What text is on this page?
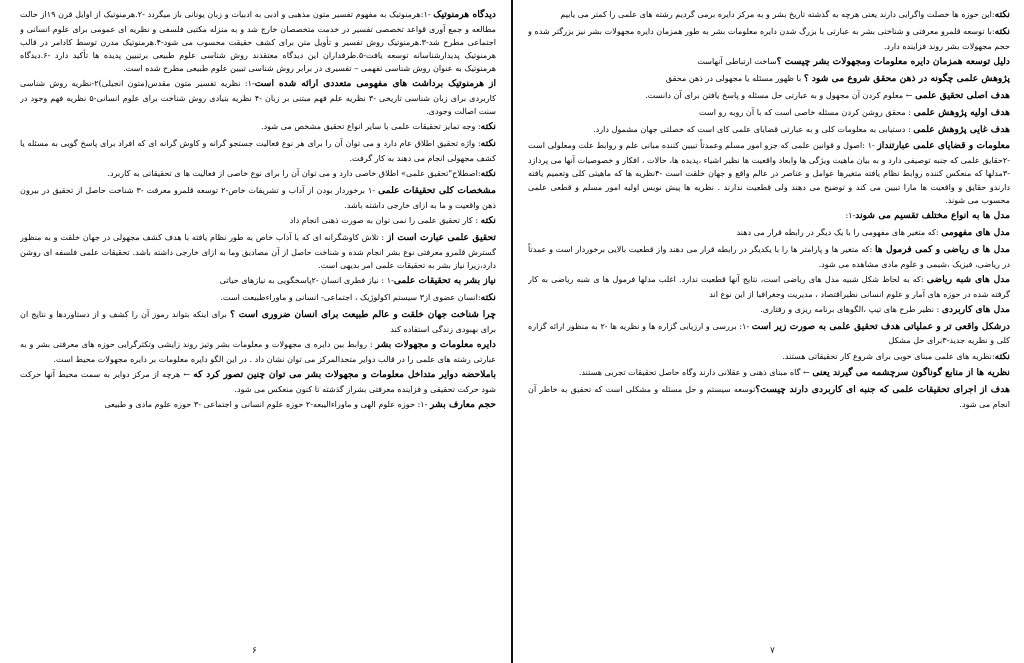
دیدگاه هرمنوتیک -۱:هرمنوتیک به مفهوم تفسیر متون مذهبی و ادبی به ادبیات و زبان یونانی باز میگردد -۲.هرمنوتیک از اوایل قرن ۱۹از حالت مطالعه و جمع آوری قواعد تخصصی تفسیر در خدمت متخصصان خارج شد و به منزله مکتبی فلسفی و نظریه ای عمومی برای علوم انسانی و اجتماعی مطرح شد-۳.هرمنوتیک روش تفسیر و تأویل متن برای کشف حقیقت محسوب می شود-۴.هرمنوتیک مدرن توسط کادامر در قالب هرمنوتیک پدیدارشناسانه توسعه یافت-۵.طرفداران این دیدگاه معتقدند روش شناسی علوم طبیعی برتبیین پدیده ها تأکید دارد -۶.دیدگاه هرمنوتیک به عنوان روش شناسی تفهمی – تفسیری در برابر روش شناسی تبیین علوم طبیعی مطرح شده است.

از هرمنوتیک برداشت های مفهومی متعددی ارائه شده است-۱: نظریه تفسیر متون مقدس(متون انجیلی)۲-نظریه روش شناسی کاربردی برای زبان شناسی تاریخی -۳ نظریه علم فهم مبتنی بر زبان -۴ نظریه بنیادی روش شناخت برای علوم انسانی-۵ نظریه فهم وجود در سنت اصالت وجودی.

نکته: وجه تمایز تحقیقات علمی با سایر انواع تحقیق مشخص می شود.

نکته: واژه تحقیق اطلاق عام دارد و می توان آن را برای هر نوع فعالیت جستجو گرانه و کاوش گرانه ای که افراد برای پاسخ گویی به مسئله یا کشف مجهولی انجام می دهند به کار گرفت.

نکته:اصطلاح"تحقیق علمی» اطلاق خاصی دارد و می توان آن را برای نوع خاصی از فعالیت ها ی تحقیقاتی به کاربرد.

مشخصات کلی تحقیقات علمی -۱ برخوردار بودن از آداب و تشریفات خاص-۲ توسعه قلمرو معرفت -۳ شناخت حاصل از تحقیق در بیرون ذهن واقعیت و ما به ازای خارجی داشته باشد.

نکته : کار تحقیق علمی را نمی توان به صورت ذهنی انجام داد

تحقیق علمی عبارت است از : تلاش کاوشگرانه ای که با آداب خاص به طور نظام یافته با هدف کشف مجهولی در جهان خلقت و به منظور گسترش قلمرو معرفتی نوع بشر انجام شده و شناخت حاصل از آن مصادیق وما به ازای خارجی داشته باشد. تحقیقات علمی فلسفه ای روشن دارد،زیرا نیاز بشر به تحقیقات علمی امر بدیهی است.

نیاز بشر به تحقیقات علمی-۱ : نیاز فطری انسان -۲پاسخگویی به نیازهای حیاتی

نکته:انسان عضوی از۳ سیستم اکولوژیک ، اجتماعی- انسانی و ماوراءطبیعت است.

چرا شناخت جهان خلقت و عالم طبیعت برای انسان ضروری است ؟ برای اینکه بتواند رموز آن را کشف و از دستاوردها و نتایج ان برای بهبودی زندگی استفاده کند

دایره معلومات و مجهولات بشر : روابط بین دایره ی مجهولات و معلومات بشر وتیز روند زایشی وتکثرگرایی حوزه های معرفتی بشر و به عبارتی رشته های علمی را در قالب دوایر متحدالمرکز می توان نشان داد . در این الگو دایره معلومات بر دایره مجهولات محیط است.

باملاحضه دوایر متداخل معلومات و مجهولات بشر می توان چنین تصور کرد که ← هرچه از مرکز دوایر به سمت محیط آنها حرکت شود حرکت تحقیقی و فزاینده معرفتی بشراز گذشته تا کنون منعکس می شود.

حجم معارف بشر -۱: حوزه علوم الهی و ماوراءالیبعه-۲ حوزه علوم انسانی و اجتماعی -۳ حوزه علوم مادی و طبیعی

نکته:این حوزه ها خصلت واگرایی دارند یعنی هرچه به گذشته تاریخ بشر و به مرکز دایره برمی گردیم رشته های علمی را کمتر می یابیم

نکته:با توسعه قلمرو معرفتی و شناختی بشر به عبارتی با بزرگ شدن دایره معلومات بشر به طور همزمان دایره مجهولات بشر نیز بزرگتر شده و حجم مجهولات بشر روند فزاینده دارد.

دلیل توسعه همزمان دایره معلومات ومجهولات بشر چیست ؟ساخت ارتباطی آنهاست

پژوهش علمی چگونه در ذهن محقق شروع می شود ؟ با ظهور مسئله یا مجهولی در ذهن محقق

هدف اصلی تحقیق علمی ← معلوم کردن آن مجهول و به عبارتی حل مسئله و پاسخ یافتن برای آن دانست.

هدف اولیه پژوهش علمی : محقق روشن کردن مسئله خاصی است که با آن روبه رو است

هدف غایی پژوهش علمی : دستیابی به معلومات کلی و به عبارتی قضایای علمی کای است که خصلتی جهان مشمول دارد.

معلومات و قضایای علمی عبارتنداز -۱ :اصول و قوانین علمی که جزو امور مسلم وعمدتاً تبیین کننده مبانی علم و روابط علت ومعلولی است -۲حقایق علمی که جنبه توصیفی دارد و به بیان ماهیت ویژگی ها وابعاد واقعیت ها نظیر اشیاء ،پدیده ها، حالات ، افکار و خصوصیات آنها می پردازد -۳مدلها که منعکس کننده روابط نظام یافته متغیرها عوامل و عناصر در عالم واقع و جهان خلقت است -۴نظریه ها که ماهیتی کلی وتعمیم یافته دارندو حقایق و واقعیت ها مارا تبیین می کند و توضیح می دهند ولی قطعیت ندارند . نظریه ها پیش نویس اولیه امور مسلم و قطعی علمی محسوب می شوند.

مدل ها به انواع مختلف تقسیم می شوند-۱:

مدل های مفهومی :که متغیر های مفهومی را با یک دیگر در رابطه قرار می دهند

مدل ها ی ریاضی و کمی فرمول ها :که متغیر ها و پارامتر ها را با یکدیگر در رابطه قرار می دهند واز قطعیت بالایی برخوردار است و عمدتاً در ریاضی، فیزیک ،شیمی و علوم مادی مشاهده می شود.

مدل های شبه ریاضی :که به لحاظ شکل شبیه مدل های ریاضی است، نتایج آنها قطعیت ندارد. اغلب مدلها فرمول ها ی شبه ریاضی به کار گرفته شده در حوزه های آمار و علوم انسانی نظیراقتصاد ، مدیریت وجغرافیا از این نوع اند

مدل های کاربردی : نظیر طرح های تیپ ،الگوهای برنامه ریزی و رفتاری.

درشکل واقعی تر و عملیاتی هدف تحقیق علمی به صورت زیر است -۱: بررسی و ارزیابی گزاره ها و نظریه ها -۲ به منظور ارائه گزاره کلی و نظریه جدید-۳برای حل مشکل

نکته:نظریه های علمی مبنای خوبی برای شروع کار تحقیقاتی هستند.

نظریه ها از منابع گوناگون سرچشمه می گیرند یعنی ← گاه مبنای ذهنی و عقلانی دارند وگاه حاصل تحقیقات تجربی هستند.

هدف از اجرای تحقیقات علمی که جنبه ای کاربردی دارند چیست؟توسعه سیستم و حل مسئله و مشکلی است که تحقیق به خاطر آن انجام می شود.

۶	۷
